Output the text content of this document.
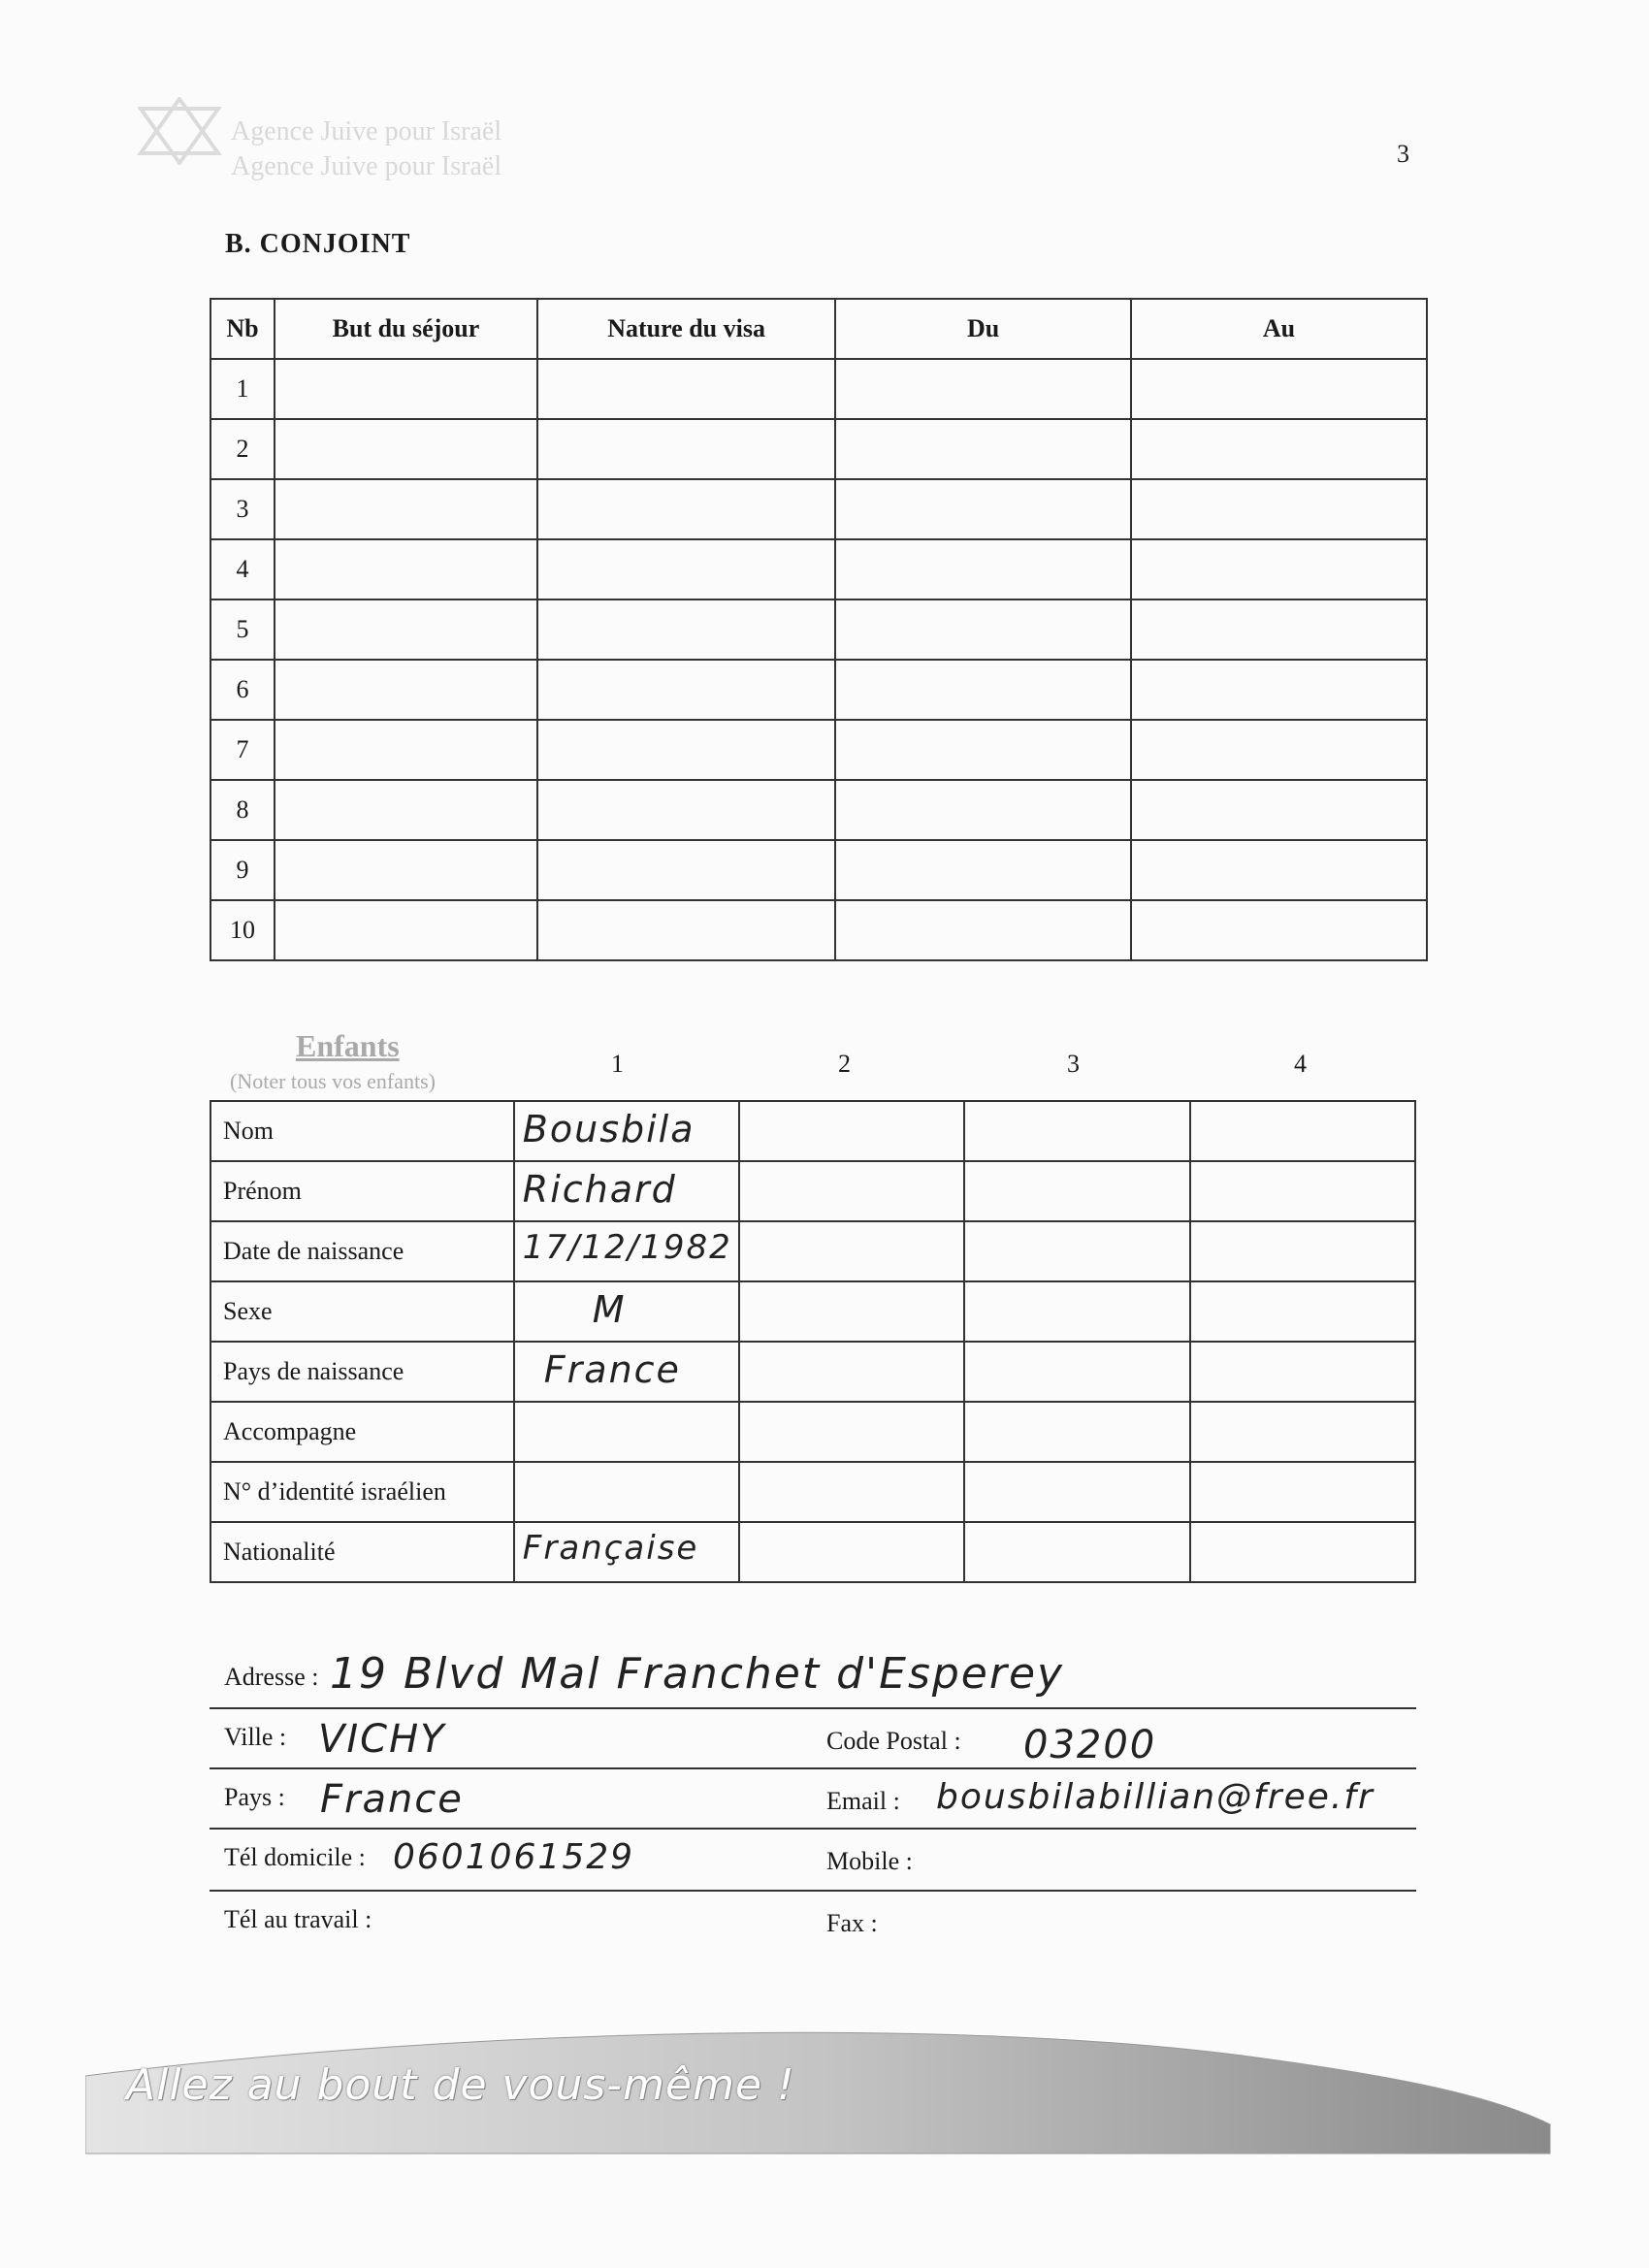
3
Agence Juive pour Israël
Agence Juive pour Israël
B. CONJOINT
Nb	But du séjour	Nature du visa	Du	Au
1				
2				
3				
4				
5				
6				
7				
8				
9				
10				
Enfants
(Noter tous vos enfants)
1	2	3	4
Nom	Bousbila			

Prénom	Richard			

Date de naissance	17/12/1982			

Sexe	M			

Pays de naissance	France			

Accompagne	

N° d’identité israélien	

Nationalité	Française			

Adresse : 19 Blvd Mal Franchet d'Esperey
Ville : VICHY	Code Postal : 03200
Pays : France	Email : bousbilabillian@free.fr
Tél domicile : 0601061529	Mobile :
Tél au travail :	Fax :
Allez au bout de vous-même !
